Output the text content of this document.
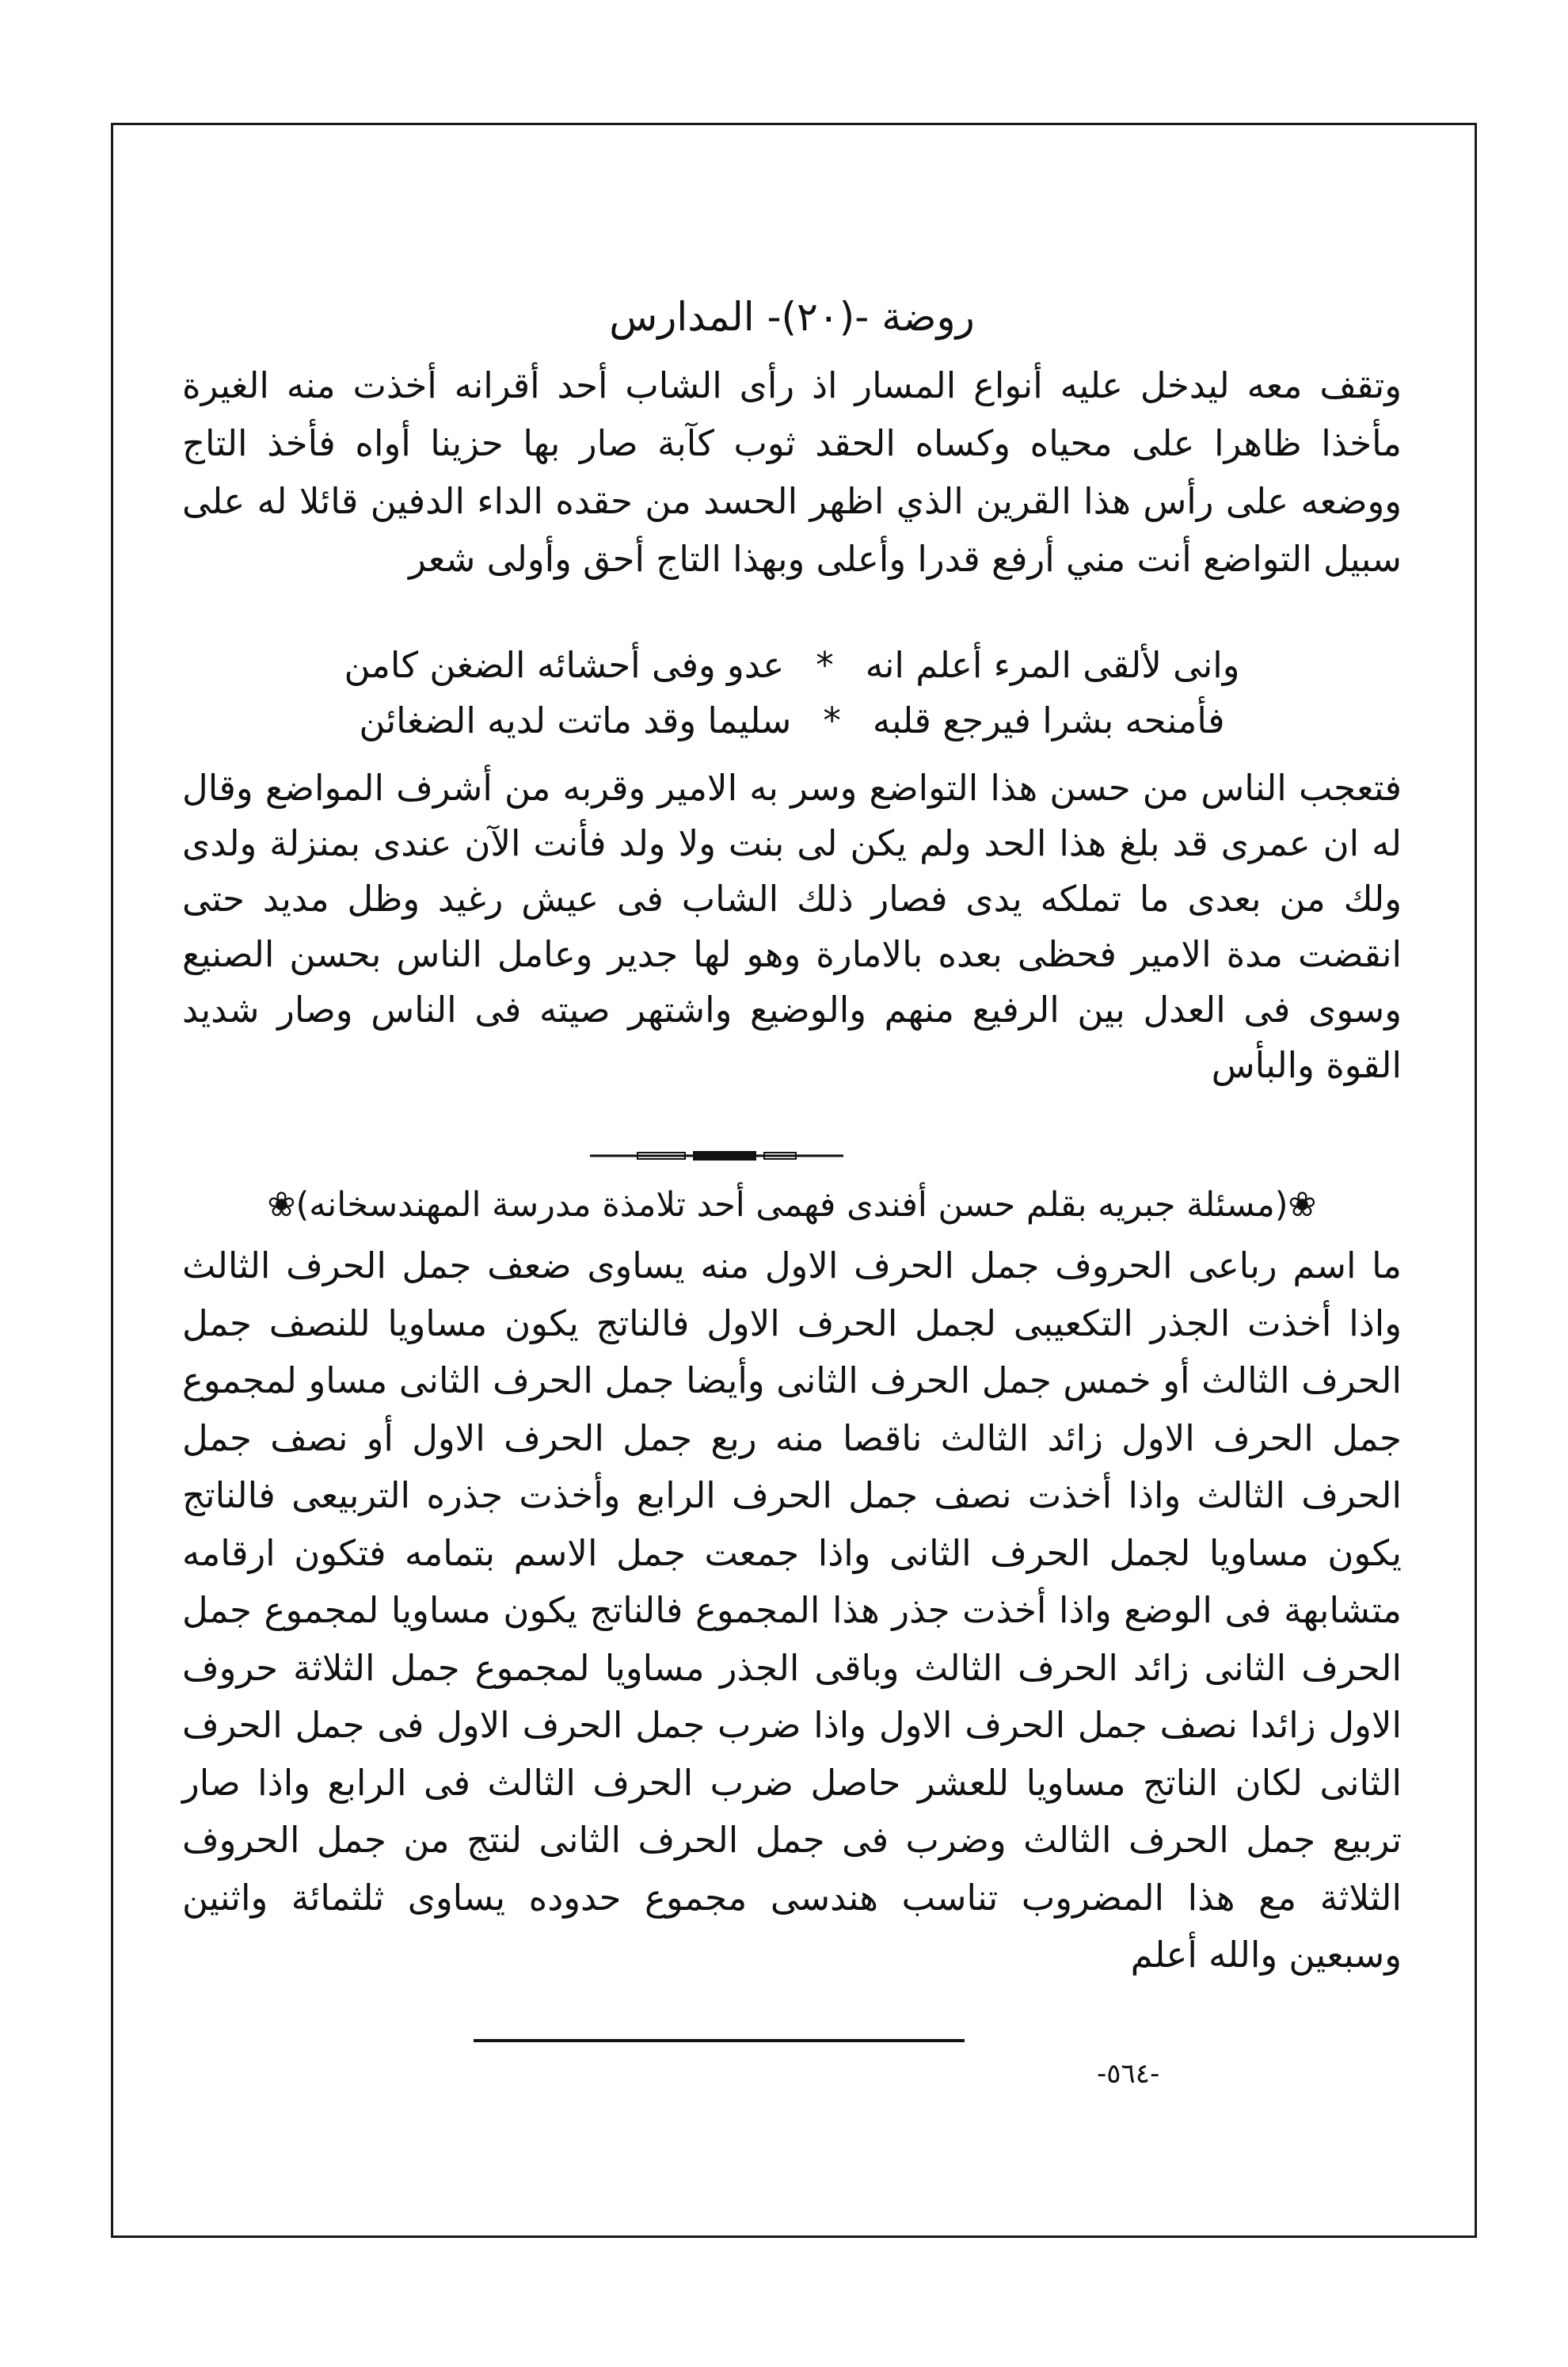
روضة -(٢٠)- المدارس
وتقف معه ليدخل عليه أنواع المسار اذ رأى الشاب أحد أقرانه أخذت منه الغيرة مأخذا ظاهرا على محياه وكساه الحقد ثوب كآبة صار بها حزينا أواه فأخذ التاج ووضعه على رأس هذا القرين الذي اظهر الحسد من حقده الداء الدفين قائلا له على سبيل التواضع أنت مني أرفع قدرا وأعلى وبهذا التاج أحق وأولى شعر
وانى لألقى المرء أعلم انه
*
عدو وفى أحشائه الضغن كامن
فأمنحه بشرا فيرجع قلبه
*
سليما وقد ماتت لديه الضغائن
فتعجب الناس من حسن هذا التواضع وسر به الامير وقربه من أشرف المواضع وقال له ان عمرى قد بلغ هذا الحد ولم يكن لى بنت ولا ولد فأنت الآن عندى بمنزلة ولدى ولك من بعدى ما تملكه يدى فصار ذلك الشاب فى عيش رغيد وظل مديد حتى انقضت مدة الامير فحظى بعده بالامارة وهو لها جدير وعامل الناس بحسن الصنيع وسوى فى العدل بين الرفيع منهم والوضيع واشتهر صيته فى الناس وصار شديد القوة والبأس
❀(مسئلة جبريه بقلم حسن أفندى فهمى أحد تلامذة مدرسة المهندسخانه)❀
ما اسم رباعى الحروف جمل الحرف الاول منه يساوى ضعف جمل الحرف الثالث واذا أخذت الجذر التكعيبى لجمل الحرف الاول فالناتج يكون مساويا للنصف جمل الحرف الثالث أو خمس جمل الحرف الثانى وأيضا جمل الحرف الثانى مساو لمجموع جمل الحرف الاول زائد الثالث ناقصا منه ربع جمل الحرف الاول أو نصف جمل الحرف الثالث واذا أخذت نصف جمل الحرف الرابع وأخذت جذره التربيعى فالناتج يكون مساويا لجمل الحرف الثانى واذا جمعت جمل الاسم بتمامه فتكون ارقامه متشابهة فى الوضع واذا أخذت جذر هذا المجموع فالناتج يكون مساويا لمجموع جمل الحرف الثانى زائد الحرف الثالث وباقى الجذر مساويا لمجموع جمل الثلاثة حروف الاول زائدا نصف جمل الحرف الاول واذا ضرب جمل الحرف الاول فى جمل الحرف الثانى لكان الناتج مساويا للعشر حاصل ضرب الحرف الثالث فى الرابع واذا صار تربيع جمل الحرف الثالث وضرب فى جمل الحرف الثانى لنتج من جمل الحروف الثلاثة مع هذا المضروب تناسب هندسى مجموع حدوده يساوى ثلثمائة واثنين وسبعين والله أعلم
-٥٦٤-
